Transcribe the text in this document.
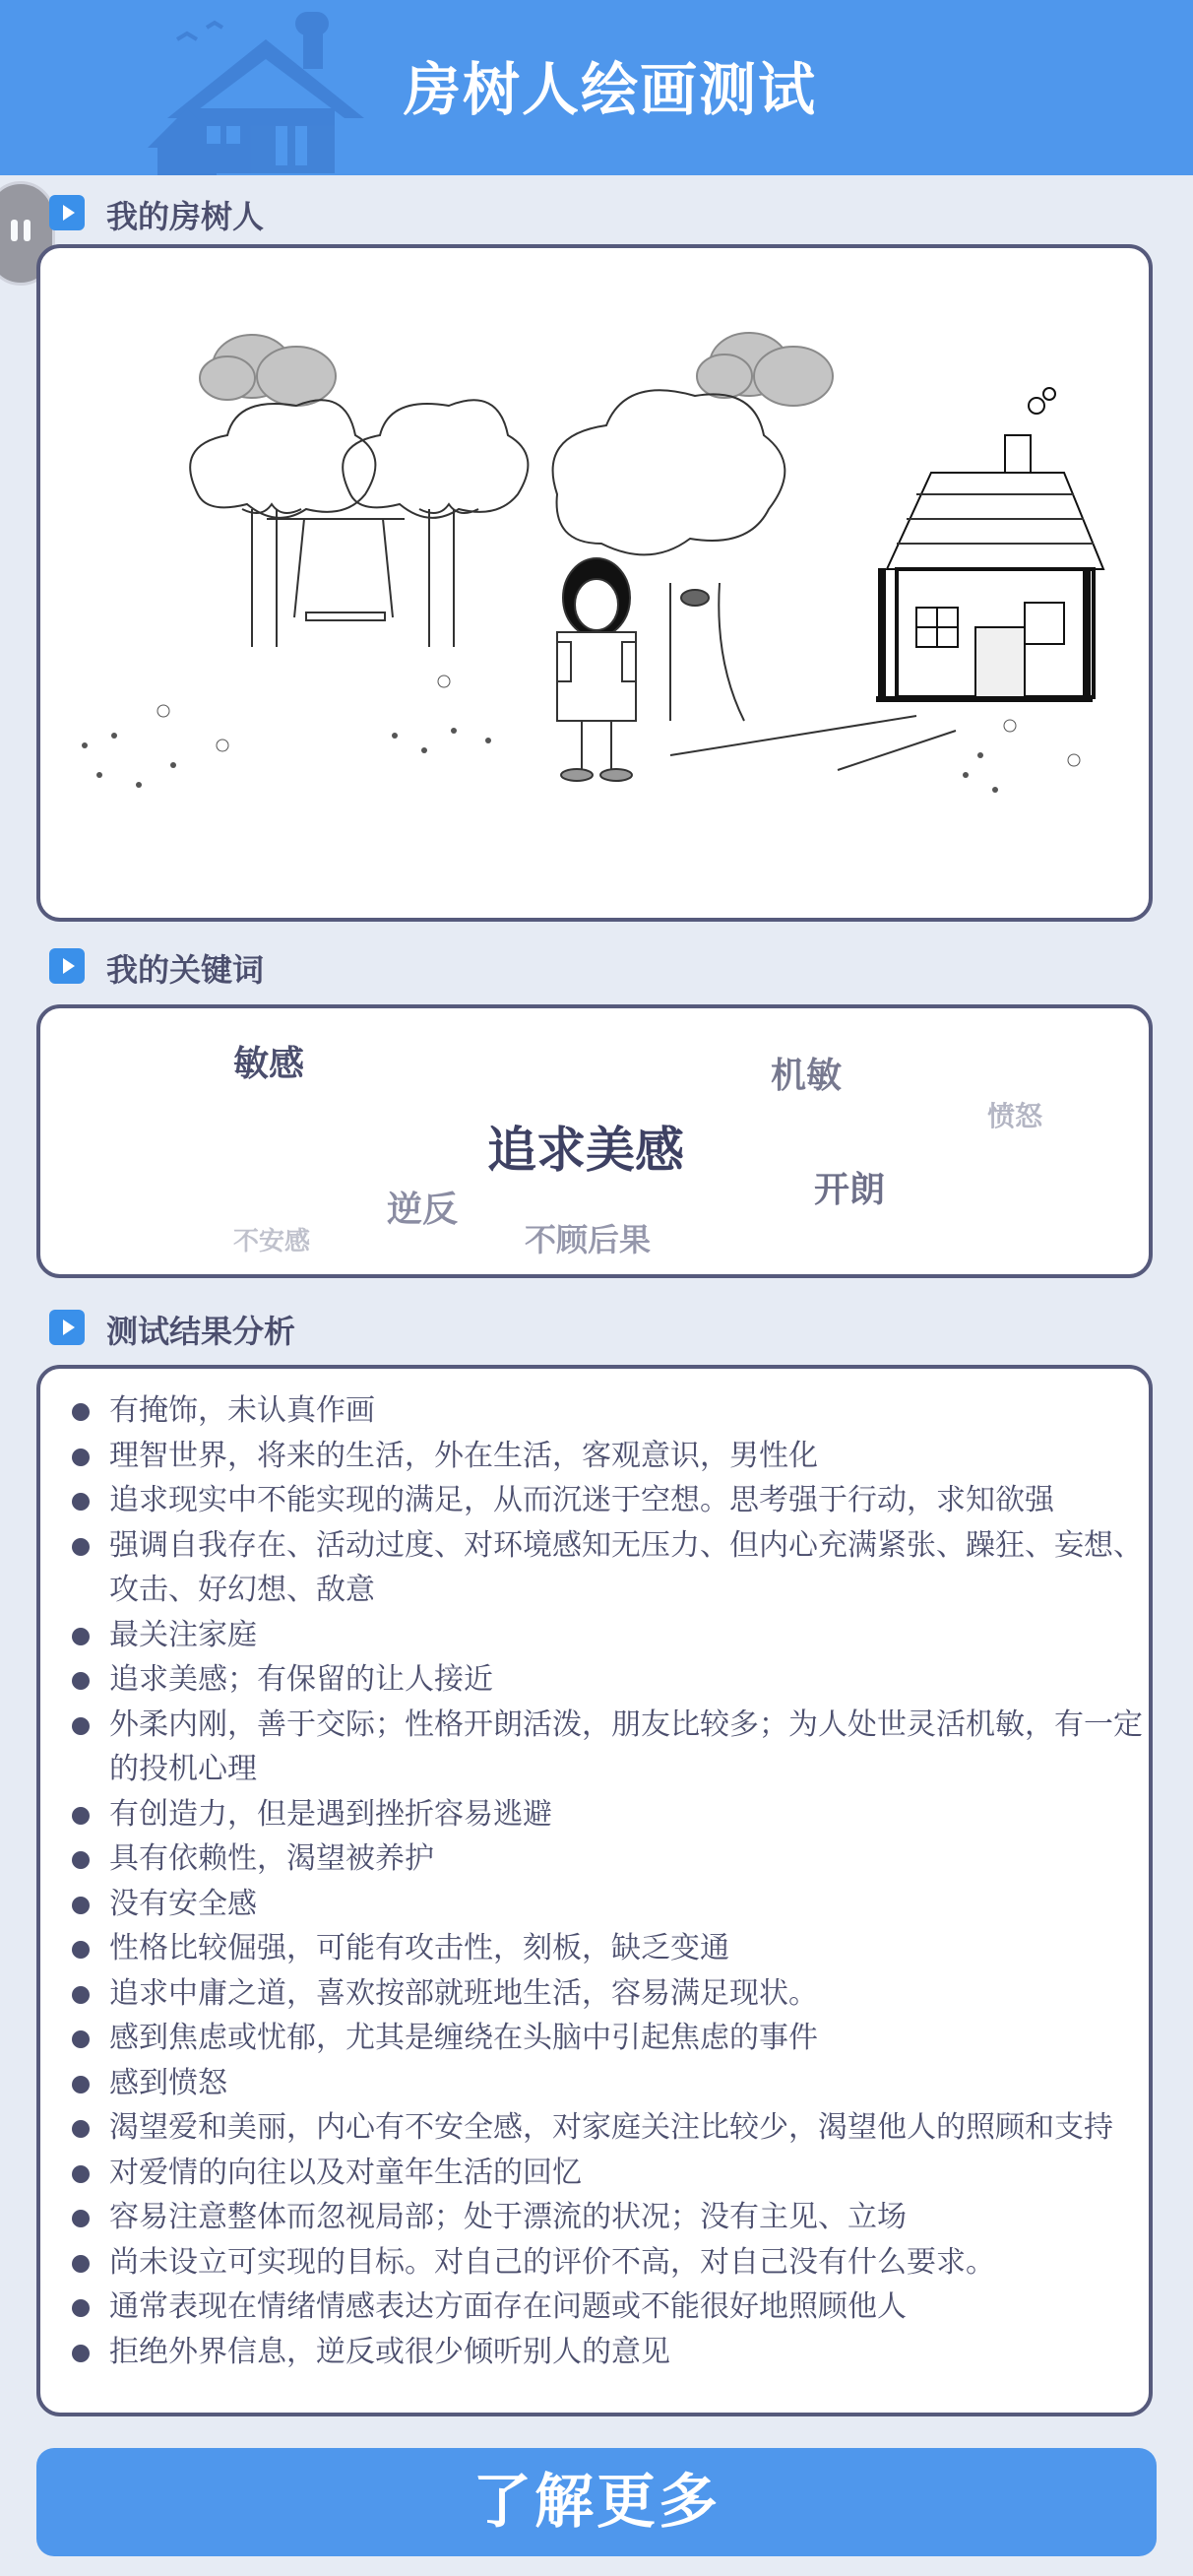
房树人绘画测试
我的房树人
我的关键词
敏感	机敏
愤怒
追求美感
开朗
逆反
不安感	不顾后果
测试结果分析
有掩饰，未认真作画
理智世界，将来的生活，外在生活，客观意识，男性化
追求现实中不能实现的满足，从而沉迷于空想。思考强于行动，求知欲强
强调自我存在、活动过度、对环境感知无压力、但内心充满紧张、躁狂、妄想、攻击、好幻想、敌意
最关注家庭
追求美感；有保留的让人接近
外柔内刚，善于交际；性格开朗活泼，朋友比较多；为人处世灵活机敏，有一定的投机心理
有创造力，但是遇到挫折容易逃避
具有依赖性，渴望被养护
没有安全感
性格比较倔强，可能有攻击性，刻板，缺乏变通
追求中庸之道，喜欢按部就班地生活，容易满足现状。
感到焦虑或忧郁，尤其是缠绕在头脑中引起焦虑的事件
感到愤怒
渴望爱和美丽，内心有不安全感，对家庭关注比较少，渴望他人的照顾和支持
对爱情的向往以及对童年生活的回忆
容易注意整体而忽视局部；处于漂流的状况；没有主见、立场
尚未设立可实现的目标。对自己的评价不高，对自己没有什么要求。
通常表现在情绪情感表达方面存在问题或不能很好地照顾他人
拒绝外界信息，逆反或很少倾听别人的意见
了解更多
